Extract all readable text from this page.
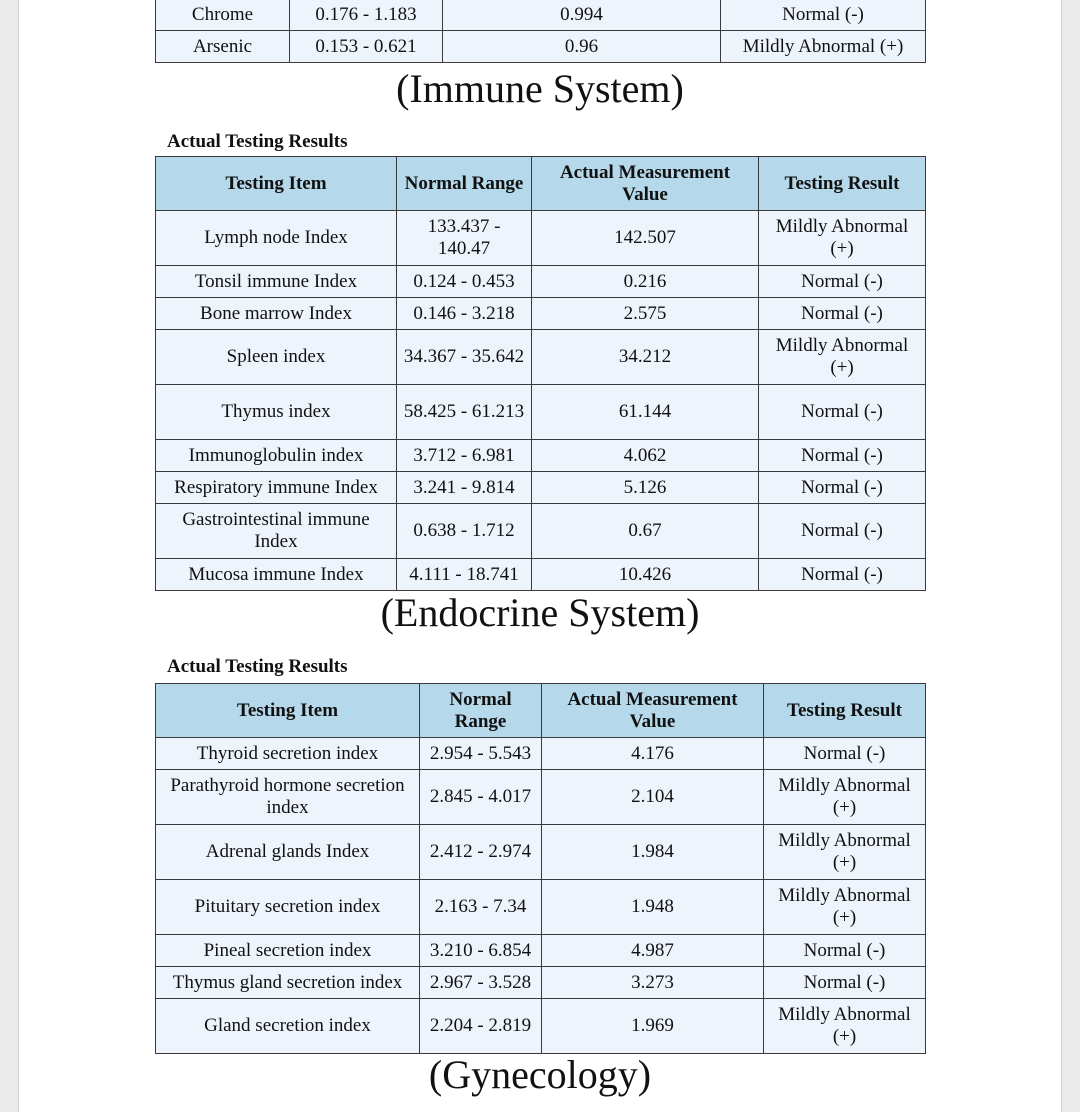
Chrome	0.176 - 1.183	0.994	Normal (-)
Arsenic	0.153 - 0.621	0.96	Mildly Abnormal (+)
(Immune System)
Actual Testing Results
Testing Item	Normal Range	Actual Measurement Value	Testing Result
Lymph node Index	133.437 - 140.47	142.507	Mildly Abnormal (+)
Tonsil immune Index	0.124 - 0.453	0.216	Normal (-)
Bone marrow Index	0.146 - 3.218	2.575	Normal (-)
Spleen index	34.367 - 35.642	34.212	Mildly Abnormal (+)
Thymus index	58.425 - 61.213	61.144	Normal (-)
Immunoglobulin index	3.712 - 6.981	4.062	Normal (-)
Respiratory immune Index	3.241 - 9.814	5.126	Normal (-)
Gastrointestinal immune Index	0.638 - 1.712	0.67	Normal (-)
Mucosa immune Index	4.111 - 18.741	10.426	Normal (-)
(Endocrine System)
Actual Testing Results
Testing Item	Normal Range	Actual Measurement Value	Testing Result
Thyroid secretion index	2.954 - 5.543	4.176	Normal (-)
Parathyroid hormone secretion index	2.845 - 4.017	2.104	Mildly Abnormal (+)
Adrenal glands Index	2.412 - 2.974	1.984	Mildly Abnormal (+)
Pituitary secretion index	2.163 - 7.34	1.948	Mildly Abnormal (+)
Pineal secretion index	3.210 - 6.854	4.987	Normal (-)
Thymus gland secretion index	2.967 - 3.528	3.273	Normal (-)
Gland secretion index	2.204 - 2.819	1.969	Mildly Abnormal (+)
(Gynecology)
